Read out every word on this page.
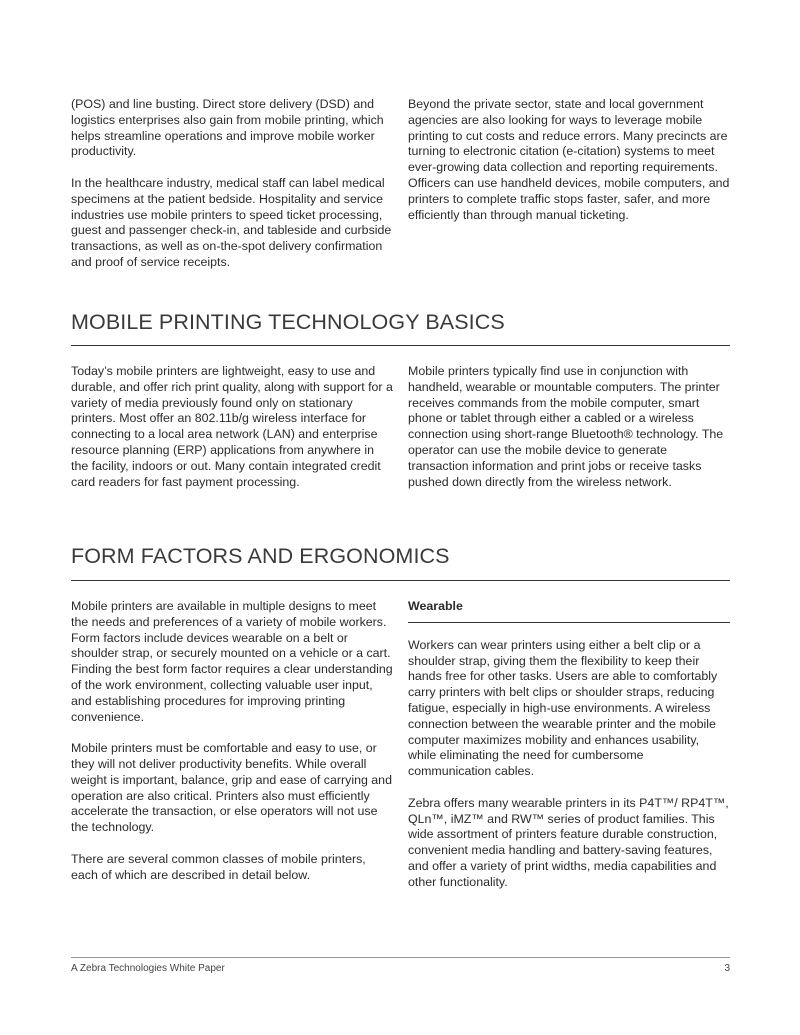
(POS) and line busting. Direct store delivery (DSD) and logistics enterprises also gain from mobile printing, which helps streamline operations and improve mobile worker productivity.

In the healthcare industry, medical staff can label medical specimens at the patient bedside. Hospitality and service industries use mobile printers to speed ticket processing, guest and passenger check-in, and tableside and curbside transactions, as well as on-the-spot delivery confirmation and proof of service receipts.

Beyond the private sector, state and local government agencies are also looking for ways to leverage mobile printing to cut costs and reduce errors. Many precincts are turning to electronic citation (e-citation) systems to meet ever-growing data collection and reporting requirements. Officers can use handheld devices, mobile computers, and printers to complete traffic stops faster, safer, and more efficiently than through manual ticketing.

MOBILE PRINTING TECHNOLOGY BASICS

Today’s mobile printers are lightweight, easy to use and durable, and offer rich print quality, along with support for a variety of media previously found only on stationary printers. Most offer an 802.11b/g wireless interface for connecting to a local area network (LAN) and enterprise resource planning (ERP) applications from anywhere in the facility, indoors or out. Many contain integrated credit card readers for fast payment processing.

Mobile printers typically find use in conjunction with handheld, wearable or mountable computers. The printer receives commands from the mobile computer, smart phone or tablet through either a cabled or a wireless connection using short-range Bluetooth® technology. The operator can use the mobile device to generate transaction information and print jobs or receive tasks pushed down directly from the wireless network.

FORM FACTORS AND ERGONOMICS

Mobile printers are available in multiple designs to meet the needs and preferences of a variety of mobile workers. Form factors include devices wearable on a belt or shoulder strap, or securely mounted on a vehicle or a cart. Finding the best form factor requires a clear understanding of the work environment, collecting valuable user input, and establishing procedures for improving printing convenience.

Mobile printers must be comfortable and easy to use, or they will not deliver productivity benefits. While overall weight is important, balance, grip and ease of carrying and operation are also critical. Printers also must efficiently accelerate the transaction, or else operators will not use the technology.

There are several common classes of mobile printers, each of which are described in detail below.

Wearable

Workers can wear printers using either a belt clip or a shoulder strap, giving them the flexibility to keep their hands free for other tasks. Users are able to comfortably carry printers with belt clips or shoulder straps, reducing fatigue, especially in high-use environments. A wireless connection between the wearable printer and the mobile computer maximizes mobility and enhances usability, while eliminating the need for cumbersome communication cables.

Zebra offers many wearable printers in its P4T™/ RP4T™, QLn™, iMZ™ and RW™ series of product families. This wide assortment of printers feature durable construction, convenient media handling and battery-saving features, and offer a variety of print widths, media capabilities and other functionality.

A Zebra Technologies White Paper	3
